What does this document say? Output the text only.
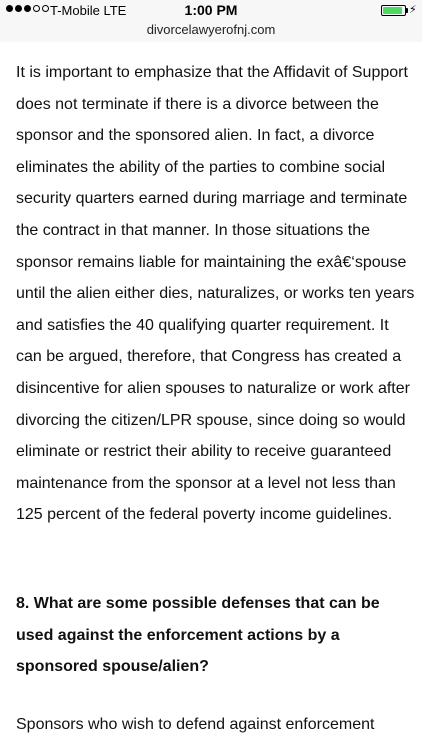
T-Mobile LTE	1:00 PM	⚡
divorcelawyerofnj.com

It is important to emphasize that the Affidavit of Support does not terminate if there is a divorce between the sponsor and the sponsored alien. In fact, a divorce eliminates the ability of the parties to combine social security quarters earned during marriage and terminate the contract in that manner. In those situations the sponsor remains liable for maintaining the exâ€‘spouse until the alien either dies, naturalizes, or works ten years and satisfies the 40 qualifying quarter requirement. It can be argued, therefore, that Congress has created a disincentive for alien spouses to naturalize or work after divorcing the citizen/LPR spouse, since doing so would eliminate or restrict their ability to receive guaranteed maintenance from the sponsor at a level not less than 125 percent of the federal poverty income guidelines.

8. What are some possible defenses that can be used against the enforcement actions by a sponsored spouse/alien?

Sponsors who wish to defend against enforcement
